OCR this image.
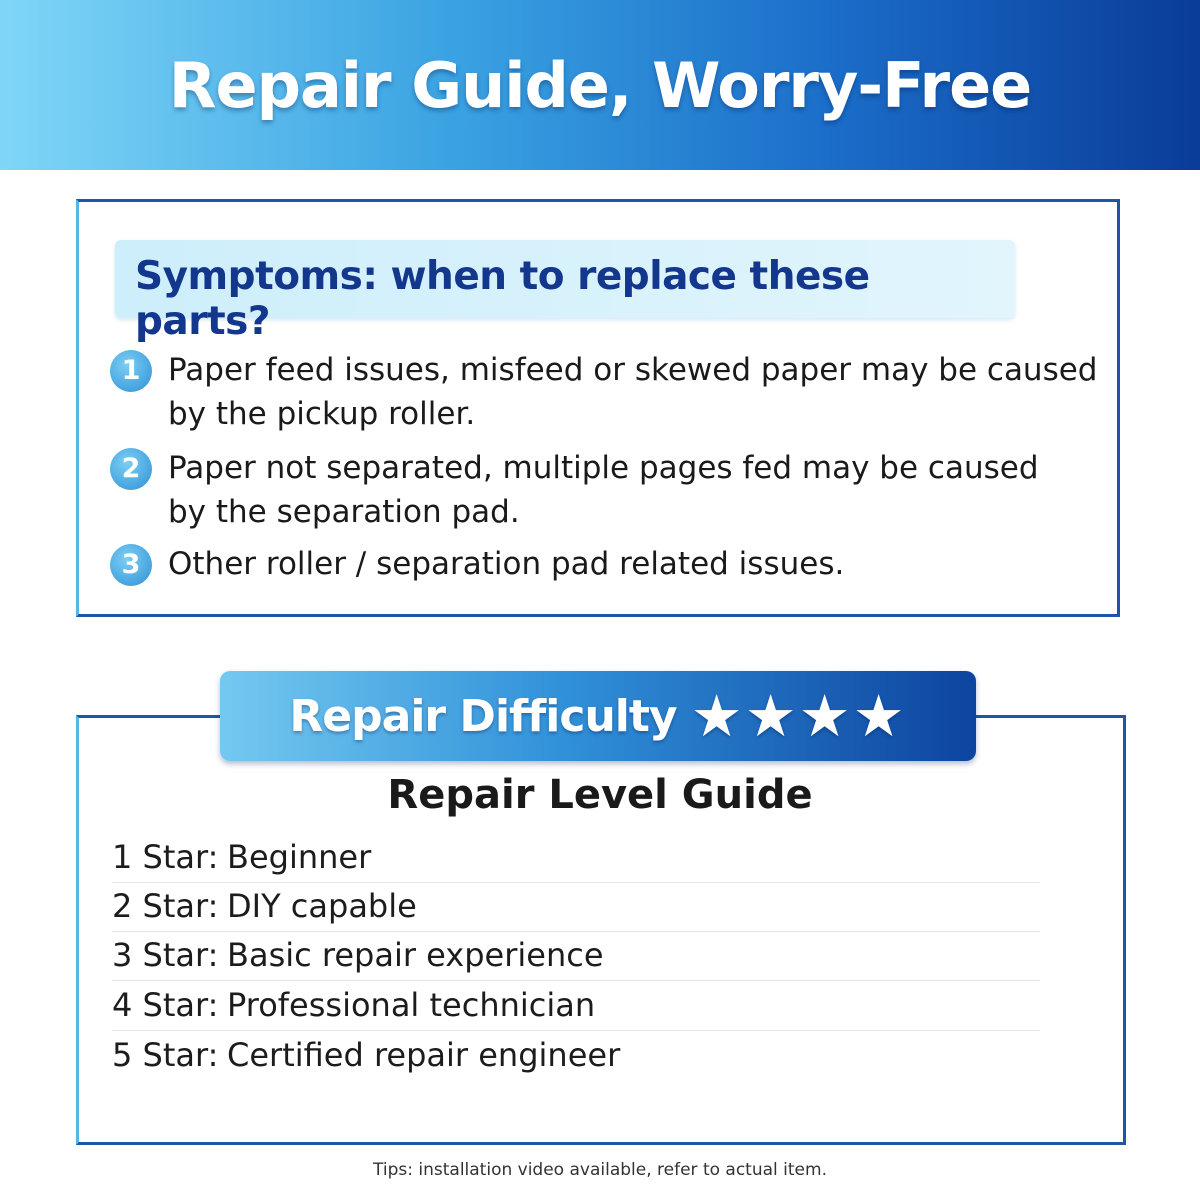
Repair Guide, Worry-Free
Symptoms: when to replace these parts?
1 Paper feed issues, misfeed or skewed paper may be caused
by the pickup roller.
2 Paper not separated, multiple pages fed may be caused
by the separation pad.
3 Other roller / separation pad related issues.
Repair Difficulty ★★★★
Repair Level Guide
1 Star: Beginner
2 Star: DIY capable
3 Star: Basic repair experience
4 Star: Professional technician
5 Star: Certified repair engineer
Tips: installation video available, refer to actual item.
